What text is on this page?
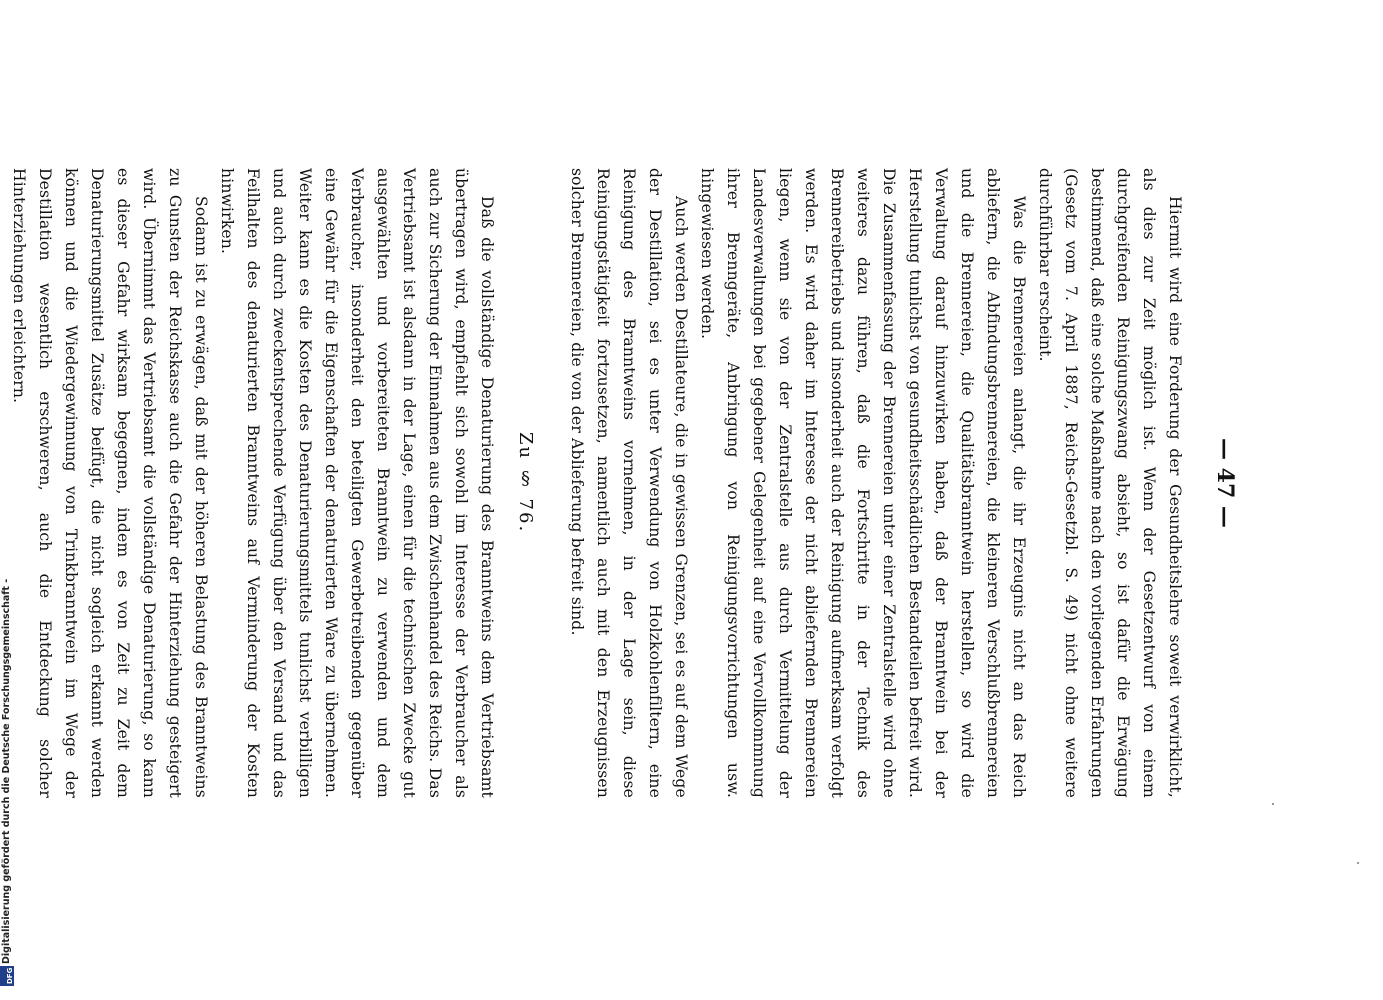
— 47 —

Hiermit wird eine Forderung der Gesundheitslehre soweit verwirklicht, als dies zur Zeit möglich ist. Wenn der Gesetzentwurf von einem durchgreifenden Reinigungszwang absieht, so ist dafür die Erwägung bestimmend, daß eine solche Maßnahme nach den vorliegenden Erfahrungen (Gesetz vom 7. April 1887, Reichs-Gesetzbl. S. 49) nicht ohne weitere durchführbar erscheint.

Was die Brennereien anlangt, die ihr Erzeugnis nicht an das Reich abliefern, die Abfindungsbrennereien, die kleineren Verschlußbrennereien und die Brennereien, die Qualitätsbranntwein herstellen, so wird die Verwaltung darauf hinzuwirken haben, daß der Branntwein bei der Herstellung tunlichst von gesundheitsschädlichen Bestandteilen befreit wird. Die Zusammenfassung der Brennereien unter einer Zentralstelle wird ohne weiteres dazu führen, daß die Fortschritte in der Technik des Brennereibetriebs und insonderheit auch der Reinigung aufmerksam verfolgt werden. Es wird daher im Interesse der nicht abliefernden Brennereien liegen, wenn sie von der Zentralstelle aus durch Vermittelung der Landesverwaltungen bei gegebener Gelegenheit auf eine Vervollkommnung ihrer Brenngeräte, Anbringung von Reinigungsvorrichtungen usw. hingewiesen werden.

Auch werden Destillateure, die in gewissen Grenzen, sei es auf dem Wege der Destillation, sei es unter Verwendung von Holzkohlenfiltern, eine Reinigung des Branntweins vornehmen, in der Lage sein, diese Reinigungstätigkeit fortzusetzen, namentlich auch mit den Erzeugnissen solcher Brennereien, die von der Ablieferung befreit sind.

Zu § 76.

Daß die vollständige Denaturierung des Branntweins dem Vertriebsamt übertragen wird, empfiehlt sich sowohl im Interesse der Verbraucher als auch zur Sicherung der Einnahmen aus dem Zwischenhandel des Reichs. Das Vertriebsamt ist alsdann in der Lage, einen für die technischen Zwecke gut ausgewählten und vorbereiteten Branntwein zu verwenden und dem Verbraucher, insonderheit den beteiligten Gewerbetreibenden gegenüber eine Gewähr für die Eigenschaften der denaturierten Ware zu übernehmen. Weiter kann es die Kosten des Denaturierungsmittels tunlichst verbilligen und auch durch zweckentsprechende Verfügung über den Versand und das Feilhalten des denaturierten Branntweins auf Verminderung der Kosten hinwirken.

Sodann ist zu erwägen, daß mit der höheren Belastung des Branntweins zu Gunsten der Reichskasse auch die Gefahr der Hinterziehung gesteigert wird. Übernimmt das Vertriebsamt die vollständige Denaturierung, so kann es dieser Gefahr wirksam begegnen, indem es von Zeit zu Zeit dem Denaturierungsmittel Zusätze beifügt, die nicht sogleich erkannt werden können und die Wiedergewinnung von Trinkbranntwein im Wege der Destillation wesentlich erschweren, auch die Entdeckung solcher Hinterziehungen erleichtern.

Digitalisierung gefördert durch die Deutsche Forschungsgemeinschaft -
DFG
